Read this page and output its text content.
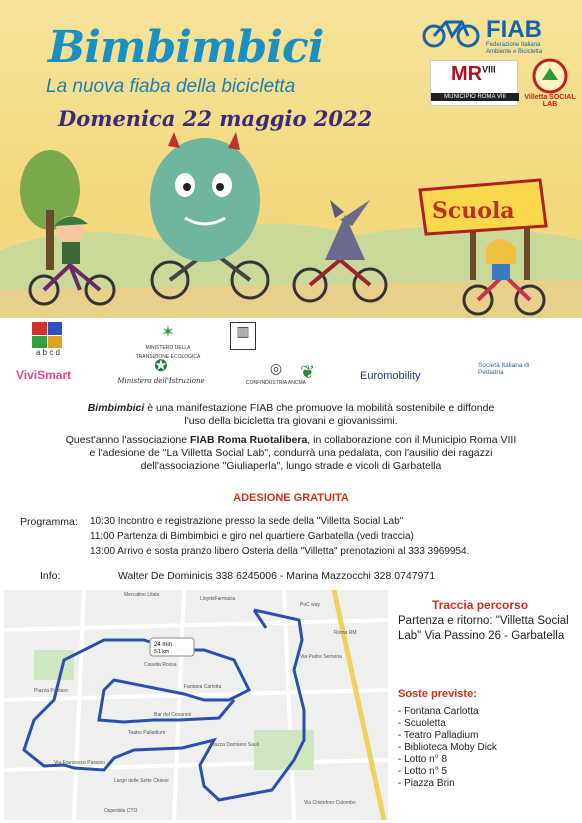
Bimbimbici
La nuova fiaba della bicicletta
Domenica 22 maggio 2022
FIAB
Federazione Italiana
Ambiente e Bicicletta
$MR^{VIII}$
MUNICIPIO ROMA VIII	Villetta SOCIAL LAB
Scuola
a b c d
✶
MINISTERO DELLA TRANSIZIONE ECOLOGICA
▥
ViviSmart	✪
Ministero dell'Istruzione
◎
CONFINDUSTRIA ANCMA
❦	Euromobility
Società Italiana di Pediatria
Bimbimbici è una manifestazione FIAB che promuove la mobilità sostenibile e diffonde
l'uso della bicicletta tra giovani e giovanissimi.
Quest'anno l'associazione FIAB Roma Ruotalibera, in collaborazione con il Municipio Roma VIII
e l'adesione de "La Villetta Social Lab", condurrà una pedalata, con l'ausilio dei ragazzi
dell'associazione "Giuliaperla", lungo strade e vicoli di Garbatella
ADESIONE GRATUITA
Programma: 10:30 Incontro e registrazione presso la sede della "Villetta Social Lab"
11:00 Partenza di Bimbimbici e giro nel quartiere Garbatella (vedi traccia)
13:00 Arrivo e sosta pranzo libero Osteria della "Villetta" prenotazioni al 333 3969954.
Info:	Walter De Dominicis 338 6245006 - Marina Mazzocchi 328 0747971
24 min
5,1 km
Mercatino Litala
LloydsFarmacia
PoC way
Caseita Rossa
Fantana Carlotta
Via Padre Semeria
Roma RM
Piazza Pantaro
Teatro Palladium
Via Francesco Passino
Largo delle Sette Chiese
Bar del Cesaroni
Piazza Damiano Sauli
Ospedale CTO
Via Cristoforo Colombo
Traccia percorso
Partenza e ritorno: "Villetta Social Lab" Via Passino 26 - Garbatella
Soste previste:
- Fontana Carlotta
- Scuoletta
- Teatro Palladium
- Biblioteca Moby Dick
- Lotto n° 8
- Lotto n° 5
- Piazza Brin
